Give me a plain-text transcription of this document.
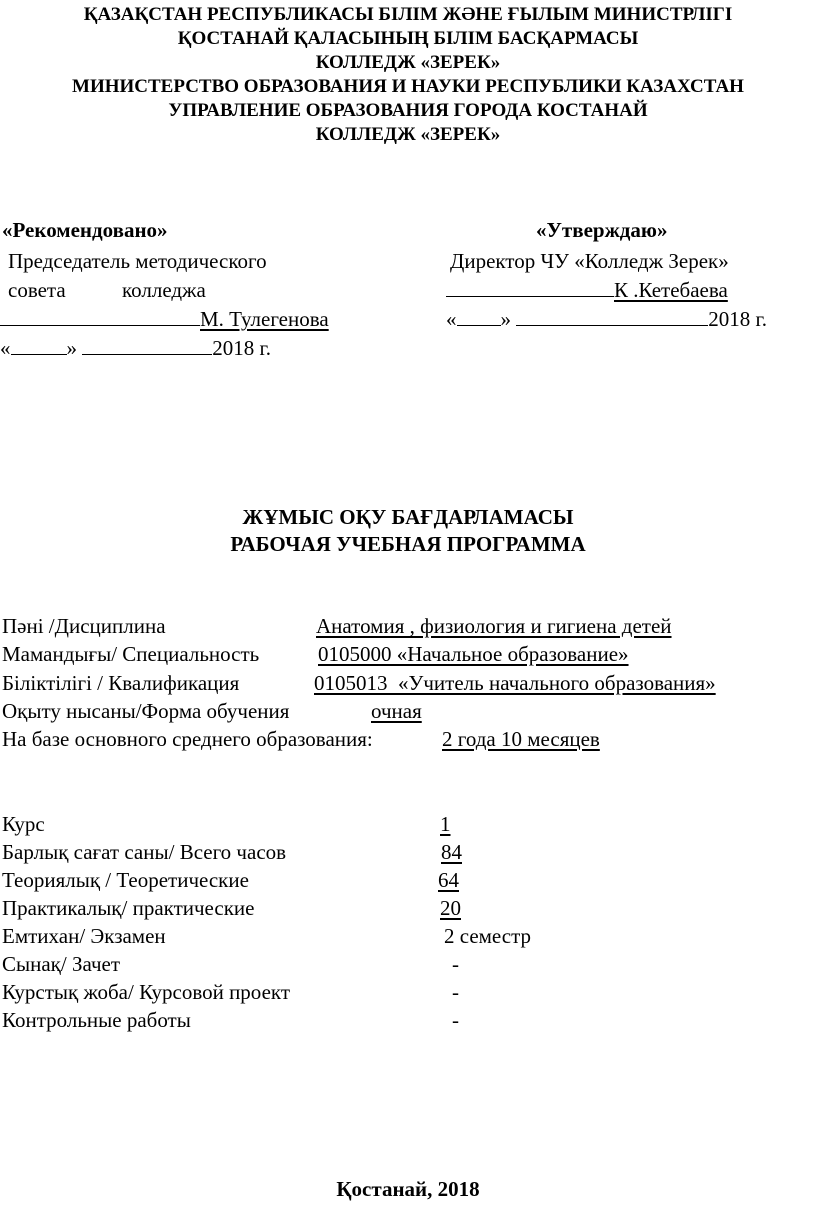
ҚАЗАҚСТАН РЕСПУБЛИКАСЫ БІЛІМ ЖӘНЕ ҒЫЛЫМ МИНИСТРЛІГІ
ҚОСТАНАЙ ҚАЛАСЫНЫҢ БІЛІМ БАСҚАРМАСЫ
КОЛЛЕДЖ «ЗЕРЕК»
МИНИСТЕРСТВО ОБРАЗОВАНИЯ И НАУКИ РЕСПУБЛИКИ КАЗАХСТАН
УПРАВЛЕНИЕ ОБРАЗОВАНИЯ ГОРОДА КОСТАНАЙ
КОЛЛЕДЖ «ЗЕРЕК»
«Рекомендовано»
Председатель методического
совета	колледжа
М. Тулегенова
«	»	2018 г.
«Утверждаю»
Директор ЧУ «Колледж Зерек»
К .Кетебаева
« »	2018 г.
ЖҰМЫС ОҚУ БАҒДАРЛАМАСЫ
РАБОЧАЯ УЧЕБНАЯ ПРОГРАММА
Пәні /Дисциплина	Анатомия , физиология и гигиена детей
Мамандығы/ Специальность	0105000 «Начальное образование»
Біліктілігі / Квалификация	0105013  «Учитель начального образования»
Оқыту нысаны/Форма обучения	очная
На базе основного среднего образования:	2 года 10 месяцев
Курс	1
Барлық сағат саны/ Всего часов	84
Теориялық / Теоретические	64
Практикалық/ практические	20
Емтихан/ Экзамен	2 семестр
Сынақ/ Зачет	-
Курстық жоба/ Курсовой проект	-
Контрольные работы	-
Қостанай, 2018
